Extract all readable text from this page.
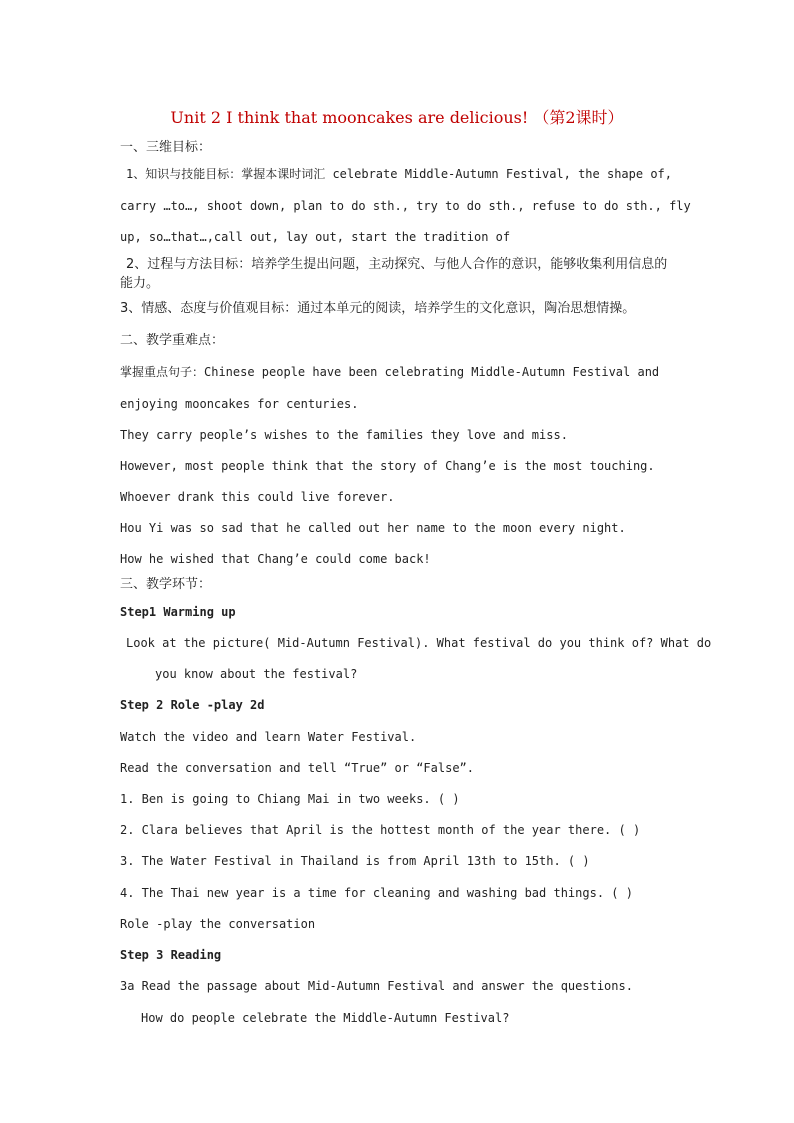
Unit 2 I think that mooncakes are delicious! （第2课时）
一、三维目标：
1、知识与技能目标：掌握本课时词汇 celebrate Middle-Autumn Festival, the shape of,
carry …to…, shoot down, plan to do sth., try to do sth., refuse to do sth., fly
up, so…that…,call out, lay out, start the tradition of
2、过程与方法目标：培养学生提出问题，主动探究、与他人合作的意识，能够收集利用信息的能力。
3、情感、态度与价值观目标：通过本单元的阅读，培养学生的文化意识，陶冶思想情操。
二、教学重难点：
掌握重点句子：Chinese people have been celebrating Middle-Autumn Festival and
enjoying mooncakes for centuries.
They carry people’s wishes to the families they love and miss.
However, most people think that the story of Chang’e is the most touching.
Whoever drank this could live forever.
Hou Yi was so sad that he called out her name to the moon every night.
How he wished that Chang’e could come back!
三、教学环节：
Step1 Warming up
Look at the picture( Mid-Autumn Festival). What festival do you think of? What do
you know about the festival?
Step 2 Role -play 2d
Watch the video and learn Water Festival.
Read the conversation and tell “True” or “False”.
1. Ben is going to Chiang Mai in two weeks. ( )
2. Clara believes that April is the hottest month of the year there. ( )
3. The Water Festival in Thailand is from April 13th to 15th. ( )
4. The Thai new year is a time for cleaning and washing bad things. ( )
Role -play the conversation
Step 3 Reading
3a Read the passage about Mid-Autumn Festival and answer the questions.
How do people celebrate the Middle-Autumn Festival?
